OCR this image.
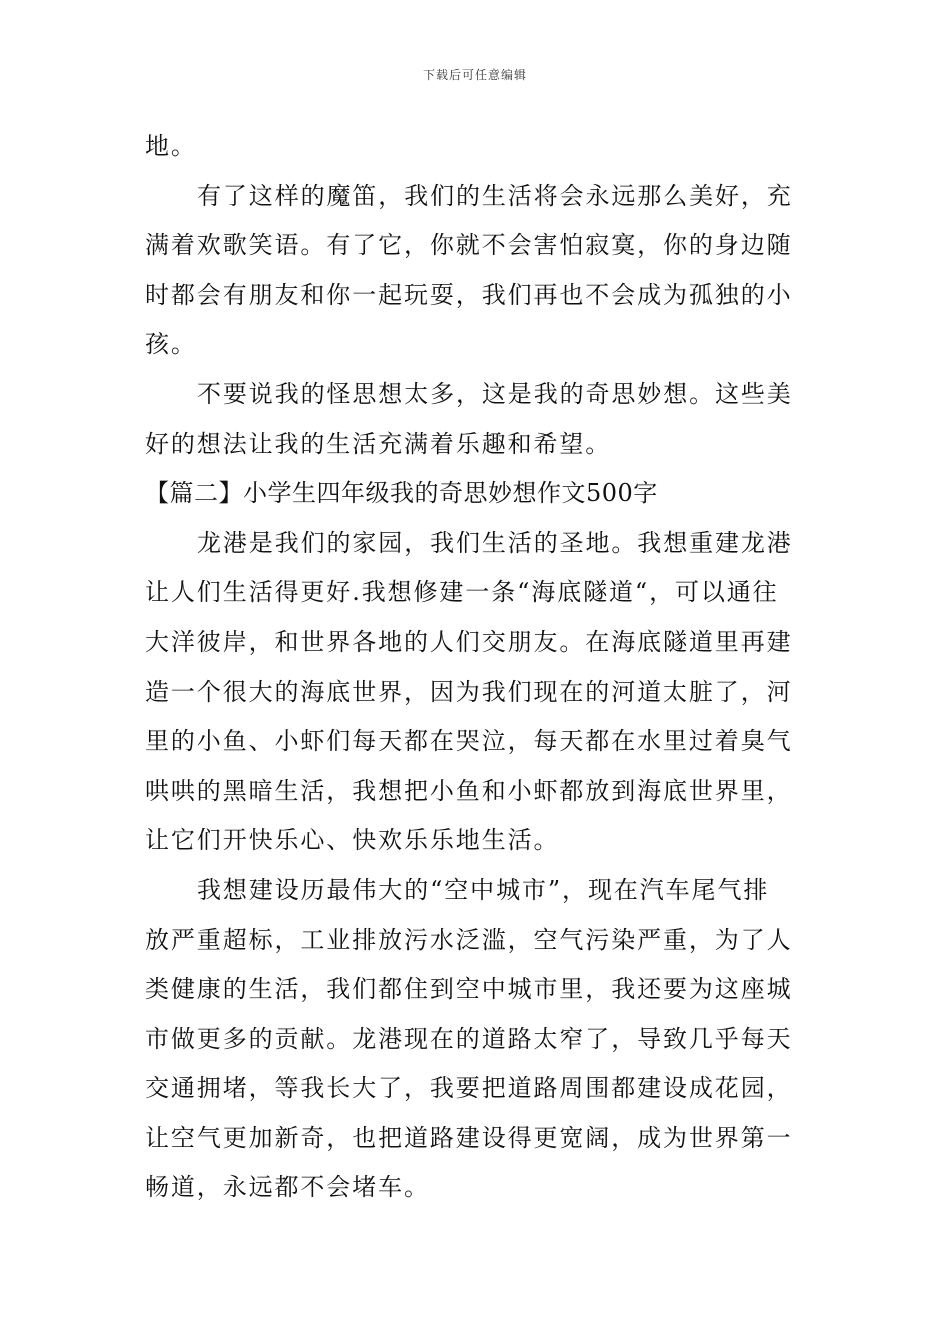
下载后可任意编辑
地。
有了这样的魔笛，我们的生活将会永远那么美好，充
满着欢歌笑语。有了它，你就不会害怕寂寞，你的身边随
时都会有朋友和你一起玩耍，我们再也不会成为孤独的小
孩。
不要说我的怪思想太多，这是我的奇思妙想。这些美
好的想法让我的生活充满着乐趣和希望。
【篇二】小学生四年级我的奇思妙想作文500字
龙港是我们的家园，我们生活的圣地。我想重建龙港
让人们生活得更好.我想修建一条“海底隧道“，可以通往
大洋彼岸，和世界各地的人们交朋友。在海底隧道里再建
造一个很大的海底世界，因为我们现在的河道太脏了，河
里的小鱼、小虾们每天都在哭泣，每天都在水里过着臭气
哄哄的黑暗生活，我想把小鱼和小虾都放到海底世界里，
让它们开快乐心、快欢乐乐地生活。
我想建设历最伟大的“空中城市”，现在汽车尾气排
放严重超标，工业排放污水泛滥，空气污染严重，为了人
类健康的生活，我们都住到空中城市里，我还要为这座城
市做更多的贡献。龙港现在的道路太窄了，导致几乎每天
交通拥堵，等我长大了，我要把道路周围都建设成花园，
让空气更加新奇，也把道路建设得更宽阔，成为世界第一
畅道，永远都不会堵车。
